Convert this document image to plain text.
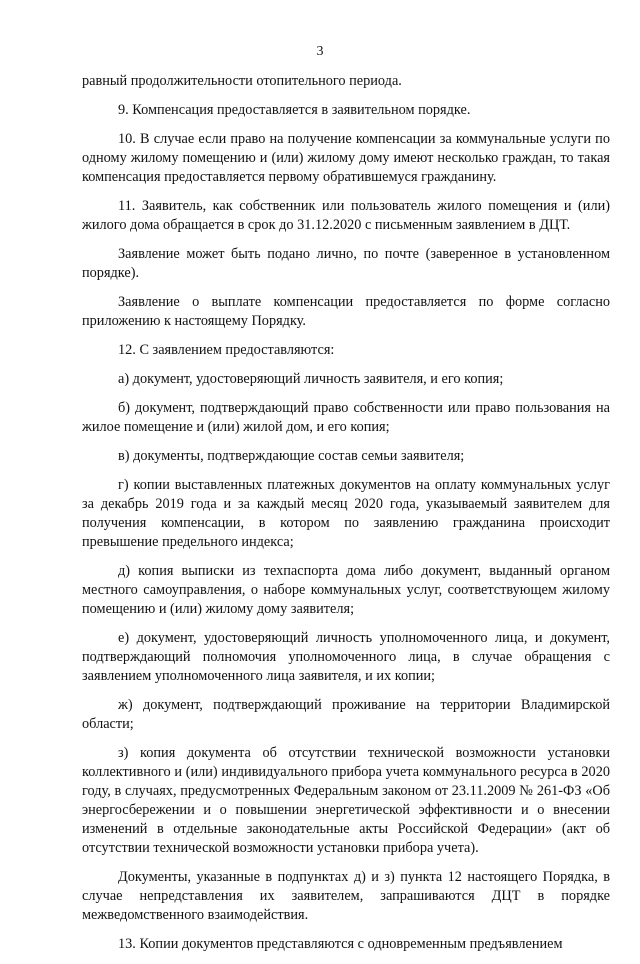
3

равный продолжительности отопительного периода.

9. Компенсация предоставляется в заявительном порядке.

10. В случае если право на получение компенсации за коммунальные услуги по одному жилому помещению и (или) жилому дому имеют несколько граждан, то такая компенсация предоставляется первому обратившемуся гражданину.

11. Заявитель, как собственник или пользователь жилого помещения и (или) жилого дома обращается в срок до 31.12.2020 с письменным заявлением в ДЦТ.

Заявление может быть подано лично, по почте (заверенное в установленном порядке).

Заявление о выплате компенсации предоставляется по форме согласно приложению к настоящему Порядку.

12. С заявлением предоставляются:

а) документ, удостоверяющий личность заявителя, и его копия;

б) документ, подтверждающий право собственности или право пользования на жилое помещение и (или) жилой дом, и его копия;

в) документы, подтверждающие состав семьи заявителя;

г) копии выставленных платежных документов на оплату коммунальных услуг за декабрь 2019 года и за каждый месяц 2020 года, указываемый заявителем для получения компенсации, в котором по заявлению гражданина происходит превышение предельного индекса;

д) копия выписки из техпаспорта дома либо документ, выданный органом местного самоуправления, о наборе коммунальных услуг, соответствующем жилому помещению и (или) жилому дому заявителя;

е) документ, удостоверяющий личность уполномоченного лица, и документ, подтверждающий полномочия уполномоченного лица, в случае обращения с заявлением уполномоченного лица заявителя, и их копии;

ж) документ, подтверждающий проживание на территории Владимирской области;

з) копия документа об отсутствии технической возможности установки коллективного и (или) индивидуального прибора учета коммунального ресурса в 2020 году, в случаях, предусмотренных Федеральным законом от 23.11.2009 № 261-ФЗ «Об энергосбережении и о повышении энергетической эффективности и о внесении изменений в отдельные законодательные акты Российской Федерации» (акт об отсутствии технической возможности установки прибора учета).

Документы, указанные в подпунктах д) и з) пункта 12 настоящего Порядка, в случае непредставления их заявителем, запрашиваются ДЦТ в порядке межведомственного взаимодействия.

13. Копии документов представляются с одновременным предъявлением
